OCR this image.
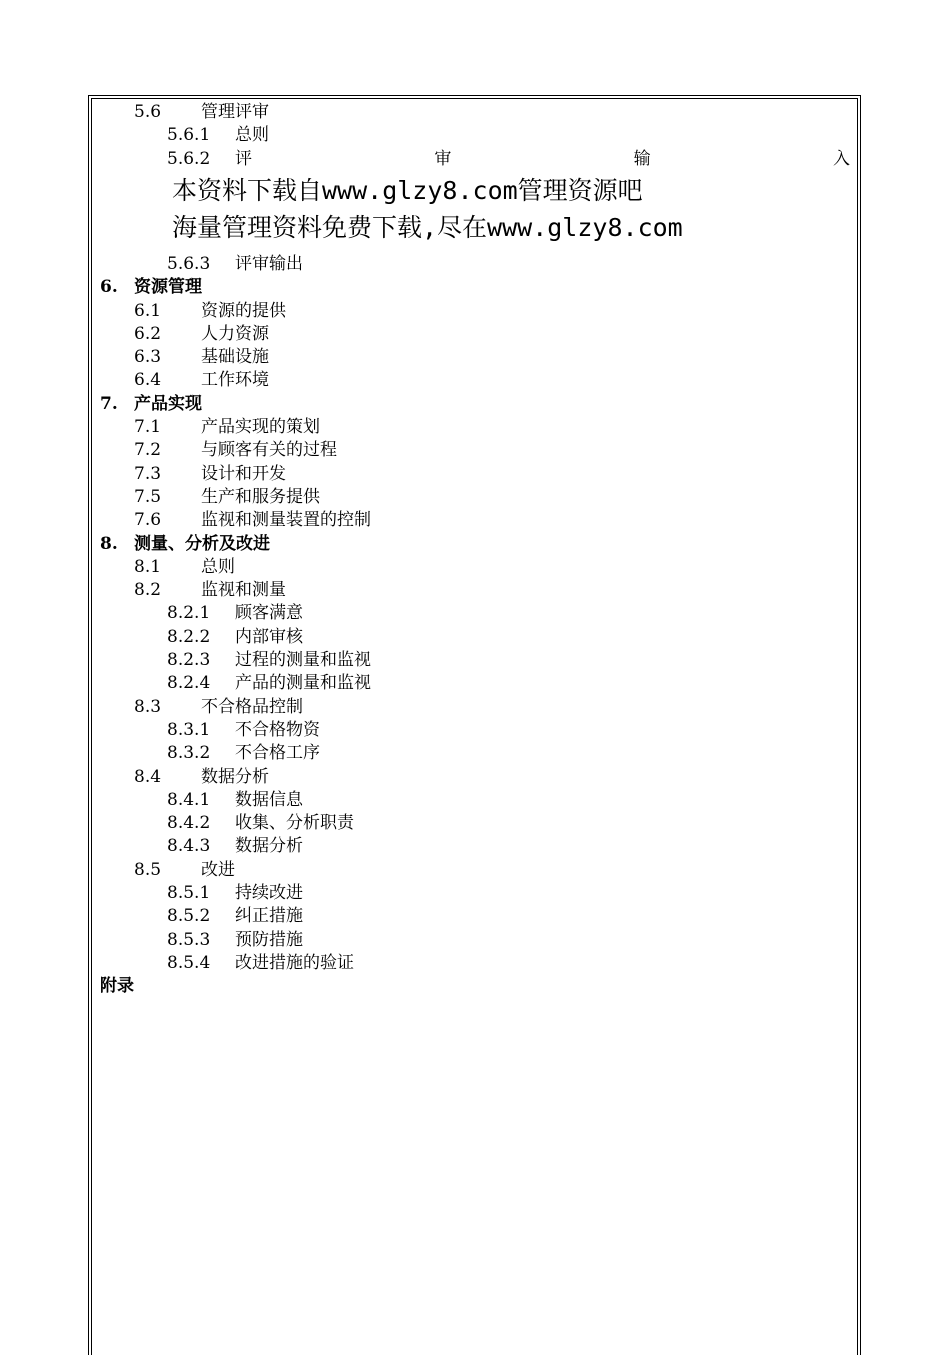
5.6 管理评审
5.6.1 总则
5.6.2 评	审	输	入
本资料下载自www.glzy8.com管理资源吧
海量管理资料免费下载,尽在www.glzy8.com
5.6.3 评审输出
6. 资源管理
6.1 资源的提供
6.2 人力资源
6.3 基础设施
6.4 工作环境
7. 产品实现
7.1 产品实现的策划
7.2 与顾客有关的过程
7.3 设计和开发
7.5 生产和服务提供
7.6 监视和测量装置的控制
8. 测量、分析及改进
8.1 总则
8.2 监视和测量
8.2.1 顾客满意
8.2.2 内部审核
8.2.3 过程的测量和监视
8.2.4 产品的测量和监视
8.3 不合格品控制
8.3.1 不合格物资
8.3.2 不合格工序
8.4 数据分析
8.4.1 数据信息
8.4.2 收集、分析职责
8.4.3 数据分析
8.5 改进
8.5.1 持续改进
8.5.2 纠正措施
8.5.3 预防措施
8.5.4 改进措施的验证
附录
